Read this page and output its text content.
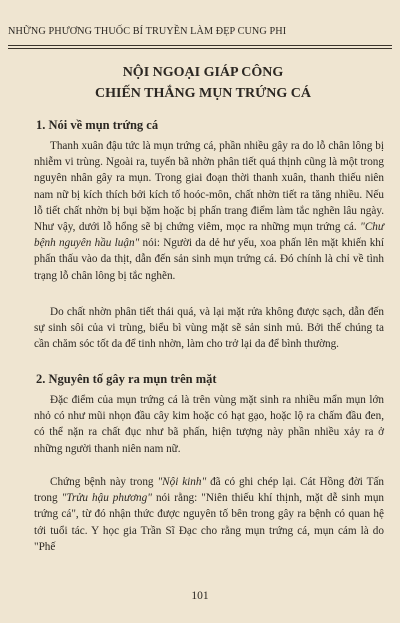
NHỮNG PHƯƠNG THUỐC BÍ TRUYỀN LÀM ĐẸP CUNG PHI
NỘI NGOẠI GIÁP CÔNG
CHIẾN THẮNG MỤN TRỨNG CÁ
1. Nói về mụn trứng cá
Thanh xuân đậu tức là mụn trứng cá, phần nhiều gây ra do lỗ chân lông bị nhiễm vi trùng. Ngoài ra, tuyến bã nhờn phân tiết quá thịnh cũng là một trong nguyên nhân gây ra mụn. Trong giai đoạn thời thanh xuân, thanh thiếu niên nam nữ bị kích thích bởi kích tố hoóc-môn, chất nhờn tiết ra tăng nhiều. Nếu lỗ tiết chất nhờn bị bụi bặm hoặc bị phấn trang điểm làm tắc nghẽn lâu ngày. Như vậy, dưới lỗ hổng sẽ bị chứng viêm, mọc ra những mụn trứng cá. "Chư bệnh nguyên hầu luận" nói: Người da dẻ hư yếu, xoa phấn lên mặt khiến khí phấn thấu vào da thịt, dẫn đến sản sinh mụn trứng cá. Đó chính là chỉ về tình trạng lỗ chân lông bị tắc nghẽn.
Do chất nhờn phân tiết thái quá, và lại mặt rửa không được sạch, dẫn đến sự sinh sôi của vi trùng, biểu bì vùng mặt sẽ sản sinh mủ. Bởi thế chúng ta cần chăm sóc tốt da để tinh nhờn, làm cho trở lại da để bình thường.
2. Nguyên tố gây ra mụn trên mặt
Đặc điểm của mụn trứng cá là trên vùng mặt sinh ra nhiều mẩn mụn lớn nhỏ có như mũi nhọn đầu cây kim hoặc có hạt gạo, hoặc lộ ra chấm đầu đen, có thể nặn ra chất đục như bã phấn, hiện tượng này phần nhiều xảy ra ở những người thanh niên nam nữ.
Chứng bệnh này trong "Nội kinh" đã có ghi chép lại. Cát Hồng đời Tấn trong "Trửu hậu phương" nói rằng: "Niên thiếu khí thịnh, mặt dễ sinh mụn trứng cá", từ đó nhận thức được nguyên tố bên trong gây ra bệnh có quan hệ tới tuổi tác. Y học gia Trần Sĩ Đạc cho rằng mụn trứng cá, mụn cám là do "Phế
101
